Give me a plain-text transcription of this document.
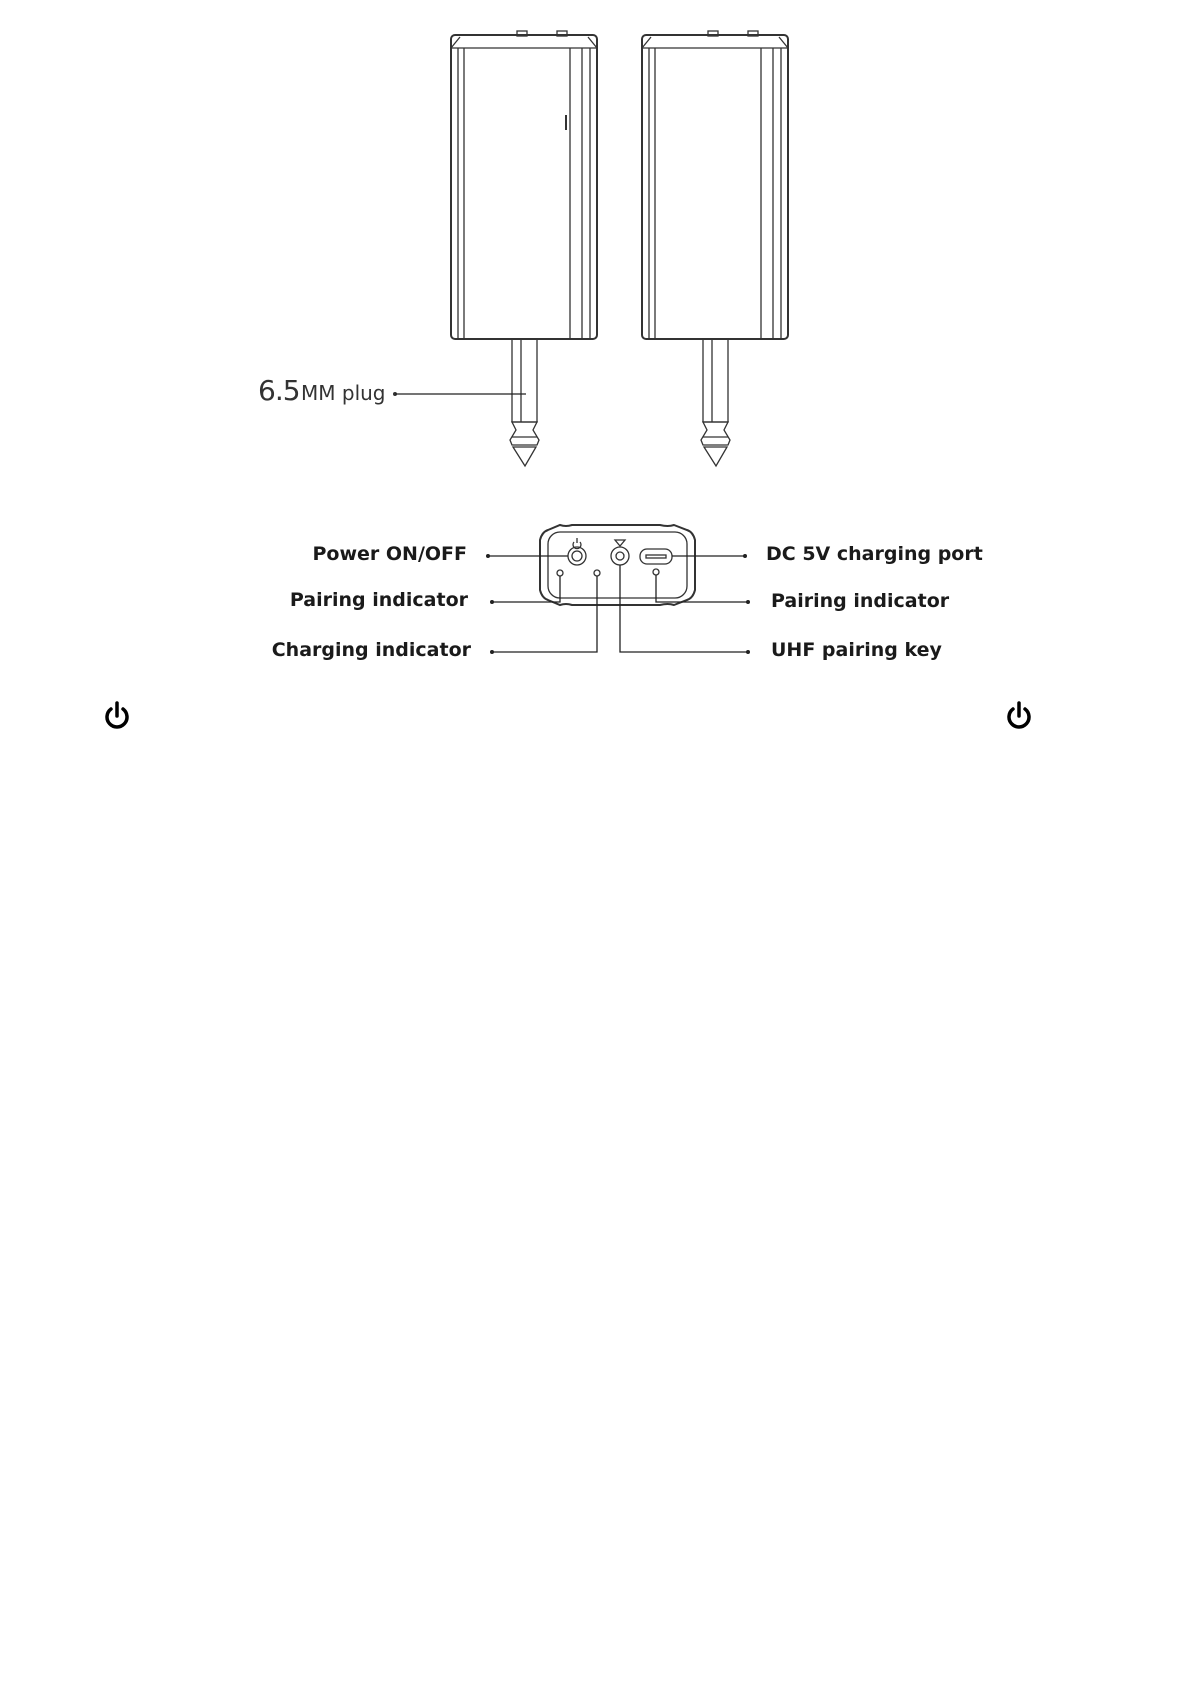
6.5 MM plug
Power ON/OFF
Pairing indicator
Charging indicator
DC 5V charging port
Pairing indicator
UHF pairing key
